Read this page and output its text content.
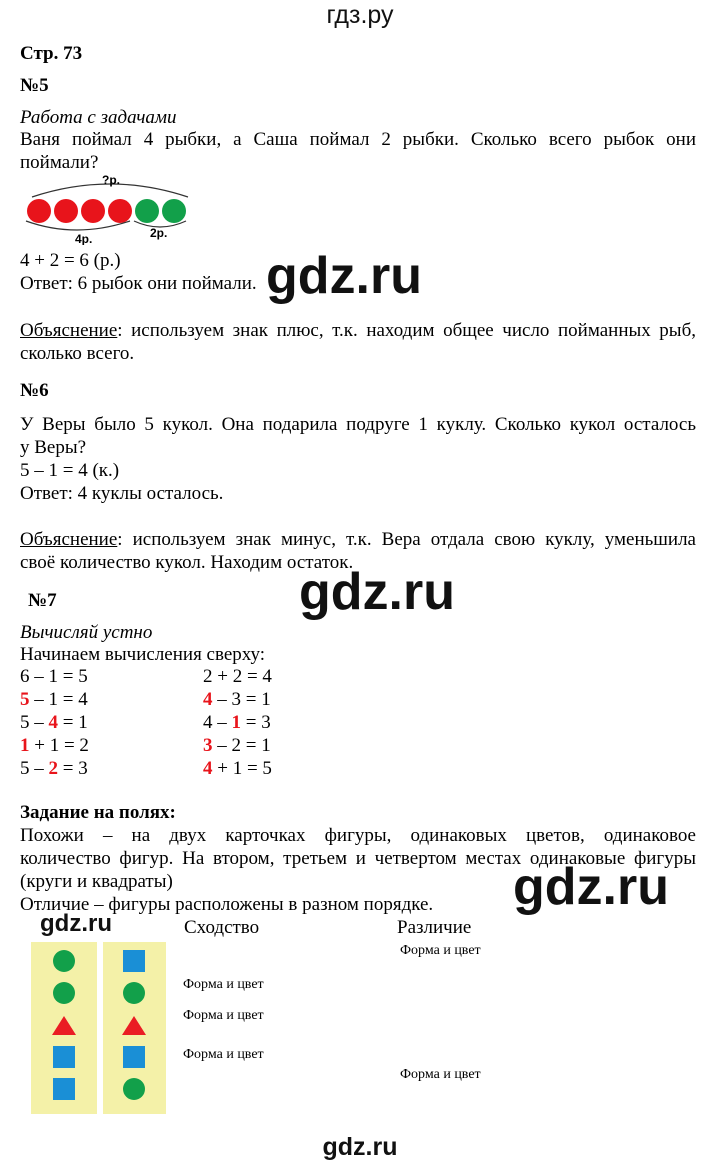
гдз.ру
Стр. 73
№5
Работа с задачами
Ваня поймал 4 рыбки, а Саша поймал 2 рыбки. Сколько всего рыбок они
поймали?
?р.
4р.	2р.
4 + 2 = 6 (р.)
Ответ: 6 рыбок они поймали.
Объяснение: используем знак плюс, т.к. находим общее число пойманных рыб,
сколько всего.
№6
У Веры было 5 кукол. Она подарила подруге 1 куклу. Сколько кукол осталось
у Веры?
5 – 1 = 4 (к.)
Ответ: 4 куклы осталось.
Объяснение: используем знак минус, т.к. Вера отдала свою куклу, уменьшила
своё количество кукол. Находим остаток.
№7
Вычисляй устно
Начинаем вычисления сверху:
6 – 1 = 5
5 – 1 = 4
5 – 4 = 1
1 + 1 = 2
5 – 2 = 3
2 + 2 = 4
4 – 3 = 1
4 – 1 = 3
3 – 2 = 1
4 + 1 = 5
Задание на полях:
Похожи – на двух карточках фигуры, одинаковых цветов, одинаковое
количество фигур. На втором, третьем и четвертом местах одинаковые фигуры
(круги и квадраты)
Отличие – фигуры расположены в разном порядке.
Сходство	Различие
Форма и цвет
Форма и цвет
Форма и цвет
Форма и цвет
Форма и цвет
gdz.ru
gdz.ru
gdz.ru
gdz.ru
gdz.ru
